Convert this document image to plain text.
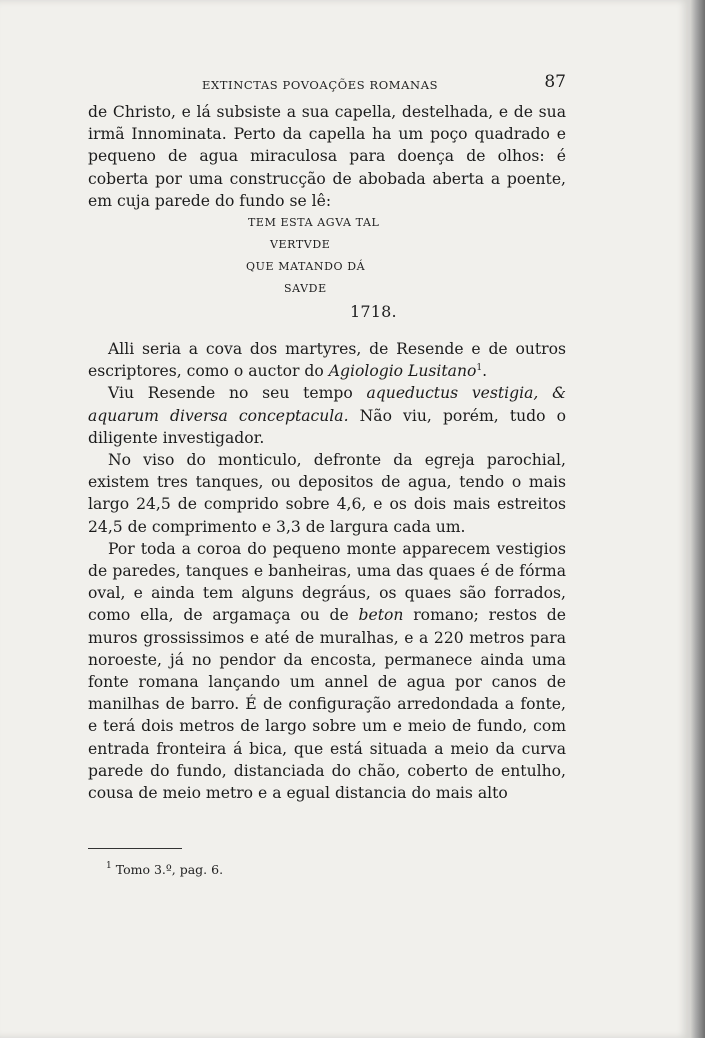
EXTINCTAS POVOAÇÕES ROMANAS	87

de Christo, e lá subsiste a sua capella, destelhada, e de sua irmã Innominata. Perto da capella ha um poço quadrado e pequeno de agua miraculosa para doença de olhos: é coberta por uma construcção de abobada aberta a poente, em cuja parede do fundo se lê:

TEM ESTA AGVA TAL

VERTVDE

QUE MATANDO DÁ

SAVDE

1718.

Alli seria a cova dos martyres, de Resende e de outros escriptores, como o auctor do Agiologio Lusitano$^1$.

Viu Resende no seu tempo aqueductus vestigia, & aquarum diversa conceptacula. Não viu, porém, tudo o diligente investigador.

No viso do monticulo, defronte da egreja parochial, existem tres tanques, ou depositos de agua, tendo o mais largo 24,5 de comprido sobre 4,6, e os dois mais estreitos 24,5 de comprimento e 3,3 de largura cada um.

Por toda a coroa do pequeno monte apparecem vestigios de paredes, tanques e banheiras, uma das quaes é de fórma oval, e ainda tem alguns degráus, os quaes são forrados, como ella, de argamaça ou de beton romano; restos de muros grossissimos e até de muralhas, e a 220 metros para noroeste, já no pendor da encosta, permanece ainda uma fonte romana lançando um annel de agua por canos de manilhas de barro. É de configuração arredondada a fonte, e terá dois metros de largo sobre um e meio de fundo, com entrada fronteira á bica, que está situada a meio da curva parede do fundo, distanciada do chão, coberto de entulho, cousa de meio metro e a egual distancia do mais alto

$^1$ Tomo 3.º, pag. 6.
